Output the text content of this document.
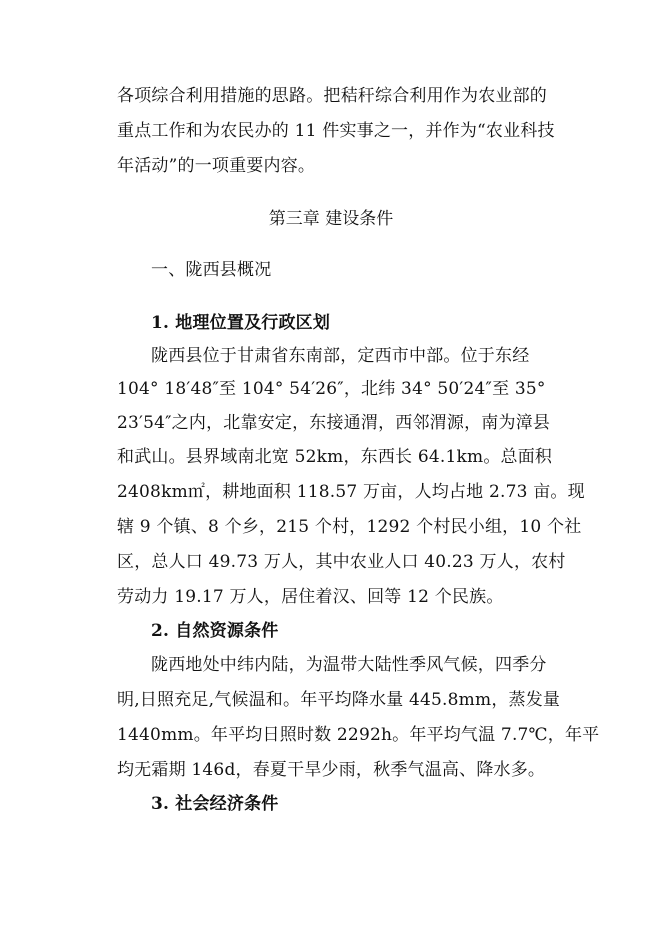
各项综合利用措施的思路。把秸秆综合利用作为农业部的
重点工作和为农民办的 11 件实事之一，并作为“农业科技
年活动”的一项重要内容。
第三章 建设条件
一、陇西县概况
1. 地理位置及行政区划
陇西县位于甘肃省东南部，定西市中部。位于东经
104° 18′48″至 104° 54′26″，北纬 34° 50′24″至 35°
23′54″之内，北靠安定，东接通渭，西邻渭源，南为漳县
和武山。县界域南北宽 52km，东西长 64.1km。总面积
2408km㎡，耕地面积 118.57 万亩，人均占地 2.73 亩。现
辖 9 个镇、8 个乡，215 个村，1292 个村民小组，10 个社
区，总人口 49.73 万人，其中农业人口 40.23 万人，农村
劳动力 19.17 万人，居住着汉、回等 12 个民族。
2. 自然资源条件
陇西地处中纬内陆，为温带大陆性季风气候，四季分
明,日照充足,气候温和。年平均降水量 445.8mm，蒸发量
1440mm。年平均日照时数 2292h。年平均气温 7.7℃，年平
均无霜期 146d，春夏干旱少雨，秋季气温高、降水多。
3. 社会经济条件
